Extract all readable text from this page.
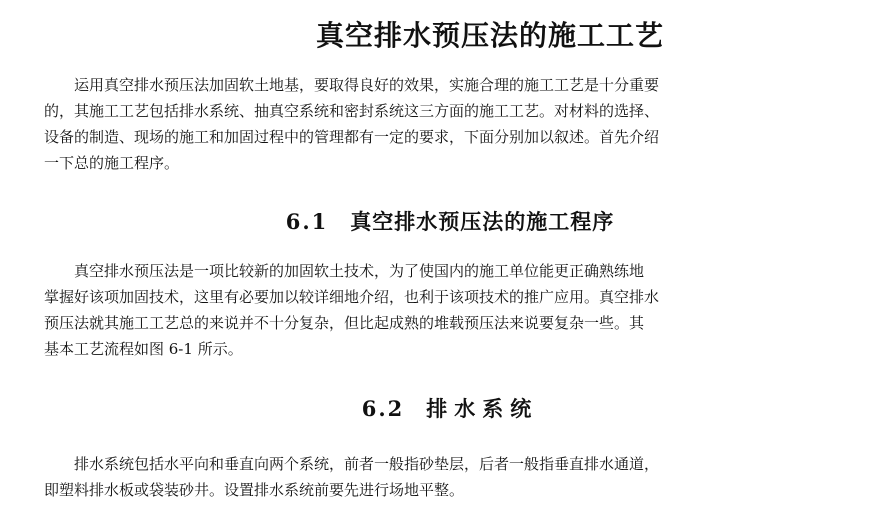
真空排水预压法的施工工艺
运用真空排水预压法加固软土地基，要取得良好的效果，实施合理的施工工艺是十分重要
的，其施工工艺包括排水系统、抽真空系统和密封系统这三方面的施工工艺。对材料的选择、
设备的制造、现场的施工和加固过程中的管理都有一定的要求，下面分别加以叙述。首先介绍
一下总的施工程序。
6.1 真空排水预压法的施工程序
真空排水预压法是一项比较新的加固软土技术，为了使国内的施工单位能更正确熟练地
掌握好该项加固技术，这里有必要加以较详细地介绍，也利于该项技术的推广应用。真空排水
预压法就其施工工艺总的来说并不十分复杂，但比起成熟的堆载预压法来说要复杂一些。其
基本工艺流程如图 6-1 所示。
6.2 排水系统
排水系统包括水平向和垂直向两个系统，前者一般指砂垫层，后者一般指垂直排水通道，
即塑料排水板或袋装砂井。设置排水系统前要先进行场地平整。
